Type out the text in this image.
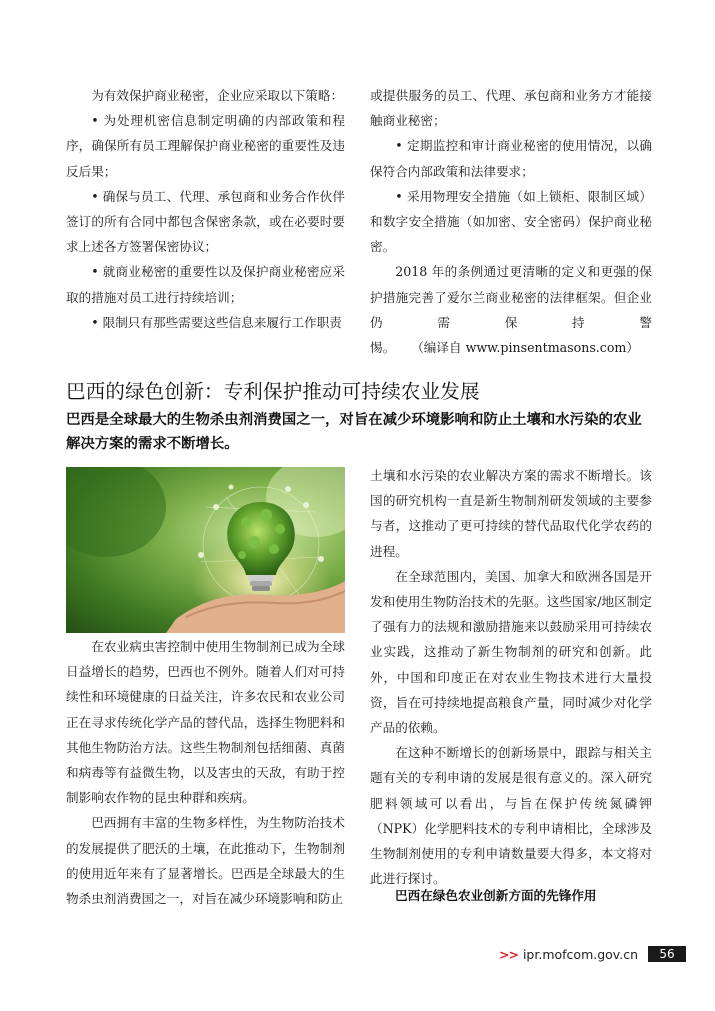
为有效保护商业秘密，企业应采取以下策略：

• 为处理机密信息制定明确的内部政策和程序，确保所有员工理解保护商业秘密的重要性及违反后果；

• 确保与员工、代理、承包商和业务合作伙伴签订的所有合同中都包含保密条款，或在必要时要求上述各方签署保密协议；

• 就商业秘密的重要性以及保护商业秘密应采取的措施对员工进行持续培训；

• 限制只有那些需要这些信息来履行工作职责

或提供服务的员工、代理、承包商和业务方才能接触商业秘密；

• 定期监控和审计商业秘密的使用情况，以确保符合内部政策和法律要求；

• 采用物理安全措施（如上锁柜、限制区域）和数字安全措施（如加密、安全密码）保护商业秘密。

2018 年的条例通过更清晰的定义和更强的保护措施完善了爱尔兰商业秘密的法律框架。但企业仍需保持警惕。 （编译自 www.pinsentmasons.com）

巴西的绿色创新：专利保护推动可持续农业发展

巴西是全球最大的生物杀虫剂消费国之一，对旨在减少环境影响和防止土壤和水污染的农业解决方案的需求不断增长。

在农业病虫害控制中使用生物制剂已成为全球日益增长的趋势，巴西也不例外。随着人们对可持续性和环境健康的日益关注，许多农民和农业公司正在寻求传统化学产品的替代品，选择生物肥料和其他生物防治方法。这些生物制剂包括细菌、真菌和病毒等有益微生物，以及害虫的天敌，有助于控制影响农作物的昆虫种群和疾病。

巴西拥有丰富的生物多样性，为生物防治技术的发展提供了肥沃的土壤，在此推动下，生物制剂的使用近年来有了显著增长。巴西是全球最大的生物杀虫剂消费国之一，对旨在减少环境影响和防止

土壤和水污染的农业解决方案的需求不断增长。该国的研究机构一直是新生物制剂研发领域的主要参与者，这推动了更可持续的替代品取代化学农药的进程。

在全球范围内，美国、加拿大和欧洲各国是开发和使用生物防治技术的先驱。这些国家/地区制定了强有力的法规和激励措施来以鼓励采用可持续农业实践，这推动了新生物制剂的研究和创新。此外，中国和印度正在对农业生物技术进行大量投资，旨在可持续地提高粮食产量，同时减少对化学产品的依赖。

在这种不断增长的创新场景中，跟踪与相关主题有关的专利申请的发展是很有意义的。深入研究肥料领域可以看出，与旨在保护传统氮磷钾（NPK）化学肥料技术的专利申请相比，全球涉及生物制剂使用的专利申请数量要大得多，本文将对此进行探讨。

巴西在绿色农业创新方面的先锋作用

>> ipr.mofcom.gov.cn	56
